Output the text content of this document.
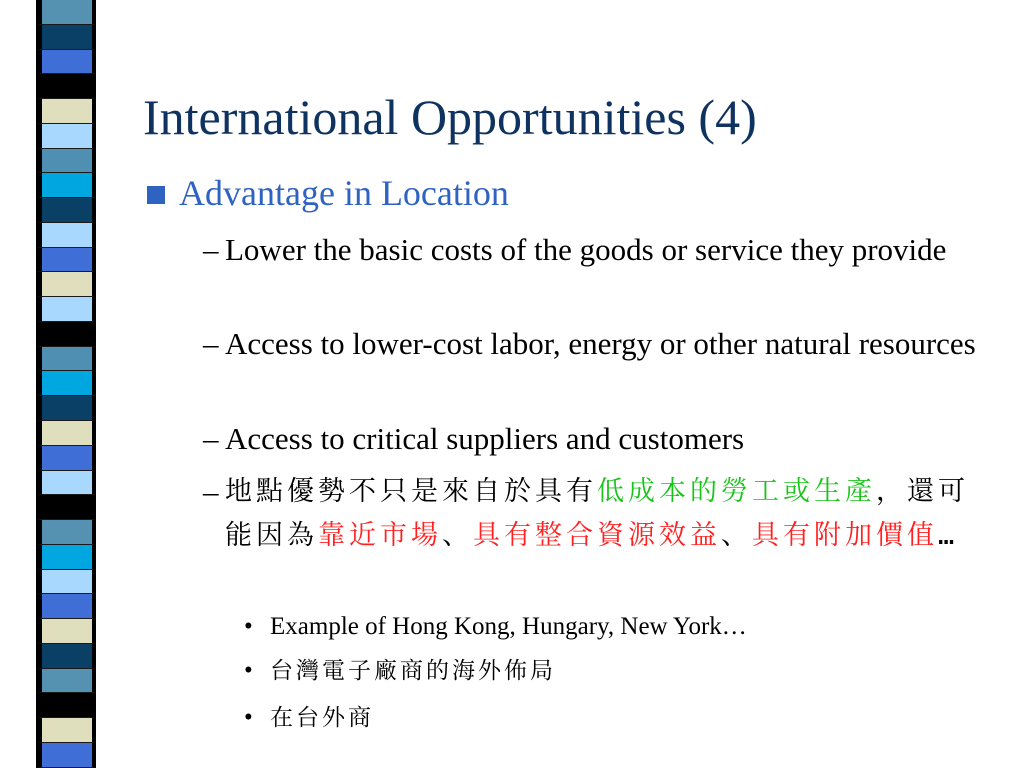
International Opportunities (4)
Advantage in Location
– Lower the basic costs of the goods or service they provide
– Access to lower-cost labor, energy or other natural resources
– Access to critical suppliers and customers
– 地點優勢不只是來自於具有低成本的勞工或生產，還可能因為靠近市場、具有整合資源效益、具有附加價值…
• Example of Hong Kong, Hungary, New York…
• 台灣電子廠商的海外佈局
• 在台外商
